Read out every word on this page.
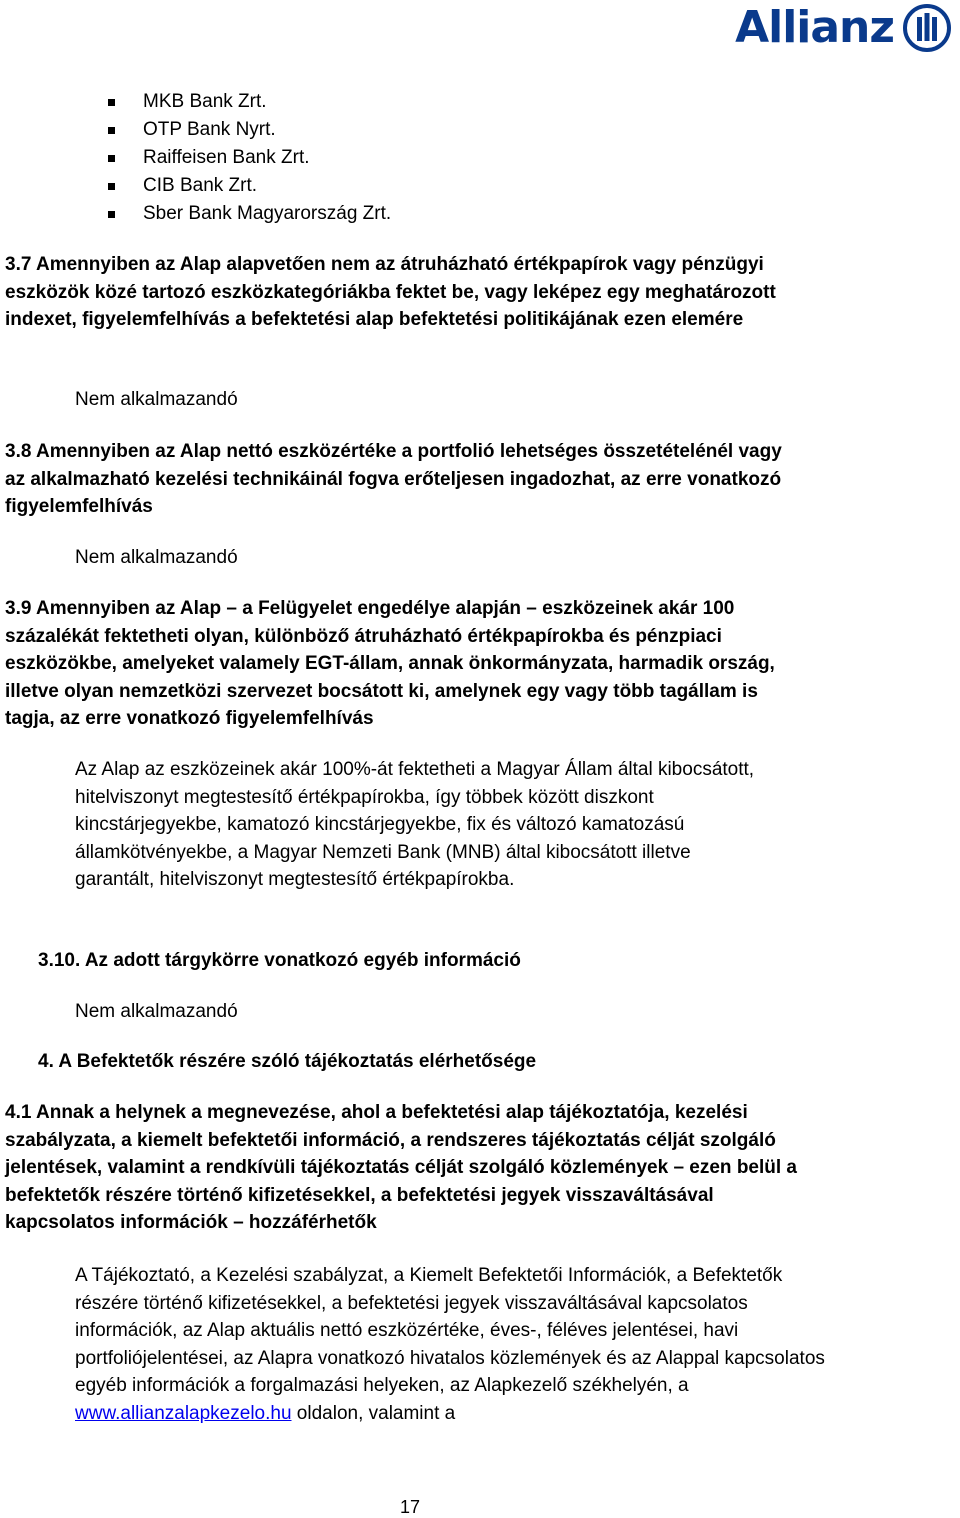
Allianz
MKB Bank Zrt.
OTP Bank Nyrt.
Raiffeisen Bank Zrt.
CIB Bank Zrt.
Sber Bank Magyarország Zrt.
3.7 Amennyiben az Alap alapvetően nem az átruházható értékpapírok vagy pénzügyi eszközök közé tartozó eszközkategóriákba fektet be, vagy leképez egy meghatározott indexet, figyelemfelhívás a befektetési alap befektetési politikájának ezen elemére
Nem alkalmazandó
3.8 Amennyiben az Alap nettó eszközértéke a portfolió lehetséges összetételénél vagy az alkalmazható kezelési technikáinál fogva erőteljesen ingadozhat, az erre vonatkozó figyelemfelhívás
Nem alkalmazandó
3.9 Amennyiben az Alap – a Felügyelet engedélye alapján – eszközeinek akár 100 százalékát fektetheti olyan, különböző átruházható értékpapírokba és pénzpiaci eszközökbe, amelyeket valamely EGT-állam, annak önkormányzata, harmadik ország, illetve olyan nemzetközi szervezet bocsátott ki, amelynek egy vagy több tagállam is tagja, az erre vonatkozó figyelemfelhívás
Az Alap az eszközeinek akár 100%-át fektetheti a Magyar Állam által kibocsátott, hitelviszonyt megtestesítő értékpapírokba, így többek között diszkont kincstárjegyekbe, kamatozó kincstárjegyekbe, fix és változó kamatozású államkötvényekbe, a Magyar Nemzeti Bank (MNB) által kibocsátott illetve garantált, hitelviszonyt megtestesítő értékpapírokba.
3.10. Az adott tárgykörre vonatkozó egyéb információ
Nem alkalmazandó
4. A Befektetők részére szóló tájékoztatás elérhetősége
4.1 Annak a helynek a megnevezése, ahol a befektetési alap tájékoztatója, kezelési szabályzata, a kiemelt befektetői információ, a rendszeres tájékoztatás célját szolgáló jelentések, valamint a rendkívüli tájékoztatás célját szolgáló közlemények – ezen belül a befektetők részére történő kifizetésekkel, a befektetési jegyek visszaváltásával kapcsolatos információk – hozzáférhetők
A Tájékoztató, a Kezelési szabályzat, a Kiemelt Befektetői Információk, a Befektetők részére történő kifizetésekkel, a befektetési jegyek visszaváltásával kapcsolatos információk, az Alap aktuális nettó eszközértéke, éves-, féléves jelentései, havi portfoliójelentései, az Alapra vonatkozó hivatalos közlemények és az Alappal kapcsolatos egyéb információk a forgalmazási helyeken, az Alapkezelő székhelyén, a www.allianzalapkezelo.hu oldalon, valamint a
17
